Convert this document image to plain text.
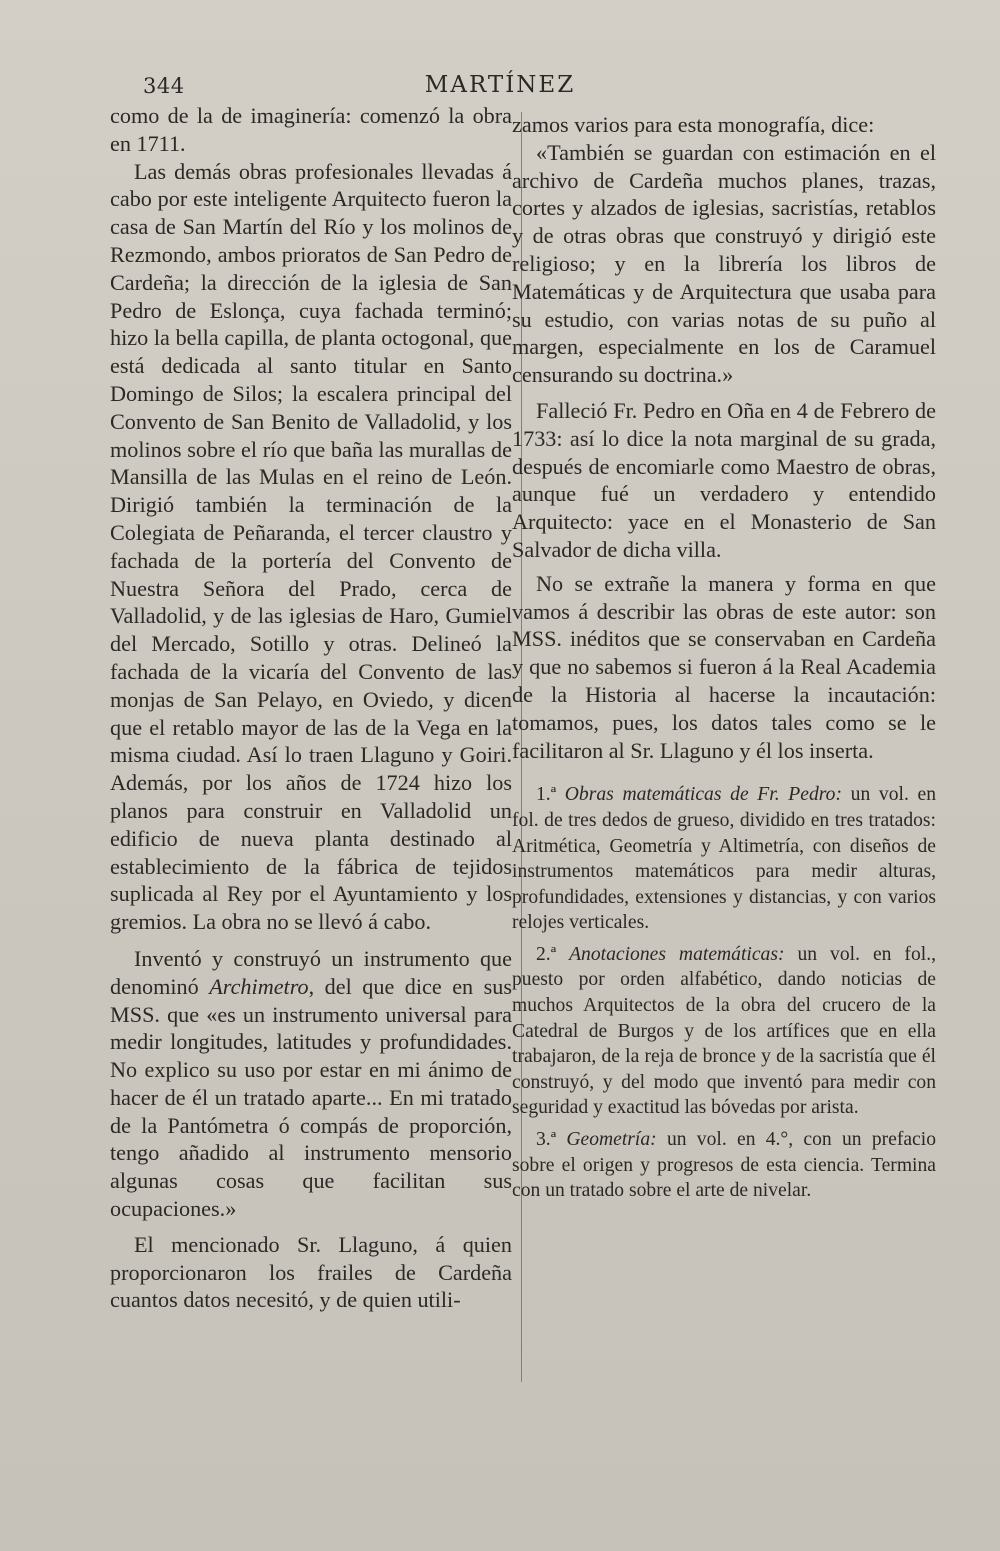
344	MARTÍNEZ

como de la de imaginería: comenzó la obra en 1711.

Las demás obras profesionales llevadas á cabo por este inteligente Arquitecto fueron la casa de San Martín del Río y los molinos de Rezmondo, ambos prioratos de San Pedro de Cardeña; la dirección de la iglesia de San Pedro de Eslonça, cuya fachada terminó; hizo la bella capilla, de planta octogonal, que está dedicada al santo titular en Santo Domingo de Silos; la escalera principal del Convento de San Benito de Valladolid, y los molinos sobre el río que baña las murallas de Mansilla de las Mulas en el reino de León. Dirigió también la terminación de la Colegiata de Peñaranda, el tercer claustro y fachada de la portería del Convento de Nuestra Señora del Prado, cerca de Valladolid, y de las iglesias de Haro, Gumiel del Mercado, Sotillo y otras. Delineó la fachada de la vicaría del Convento de las monjas de San Pelayo, en Oviedo, y dicen que el retablo mayor de las de la Vega en la misma ciudad. Así lo traen Llaguno y Goiri. Además, por los años de 1724 hizo los planos para construir en Valladolid un edificio de nueva planta destinado al establecimiento de la fábrica de tejidos suplicada al Rey por el Ayuntamiento y los gremios. La obra no se llevó á cabo.

Inventó y construyó un instrumento que denominó Archimetro, del que dice en sus MSS. que «es un instrumento universal para medir longitudes, latitudes y profundidades. No explico su uso por estar en mi ánimo de hacer de él un tratado aparte... En mi tratado de la Pantómetra ó compás de proporción, tengo añadido al instrumento mensorio algunas cosas que facilitan sus ocupaciones.»

El mencionado Sr. Llaguno, á quien proporcionaron los frailes de Cardeña cuantos datos necesitó, y de quien utili-

zamos varios para esta monografía, dice:

«También se guardan con estimación en el archivo de Cardeña muchos planes, trazas, cortes y alzados de iglesias, sacristías, retablos y de otras obras que construyó y dirigió este religioso; y en la librería los libros de Matemáticas y de Arquitectura que usaba para su estudio, con varias notas de su puño al margen, especialmente en los de Caramuel censurando su doctrina.»

Falleció Fr. Pedro en Oña en 4 de Febrero de 1733: así lo dice la nota marginal de su grada, después de encomiarle como Maestro de obras, aunque fué un verdadero y entendido Arquitecto: yace en el Monasterio de San Salvador de dicha villa.

No se extrañe la manera y forma en que vamos á describir las obras de este autor: son MSS. inéditos que se conservaban en Cardeña y que no sabemos si fueron á la Real Academia de la Historia al hacerse la incautación: tomamos, pues, los datos tales como se le facilitaron al Sr. Llaguno y él los inserta.

1.ª Obras matemáticas de Fr. Pedro: un vol. en fol. de tres dedos de grueso, dividido en tres tratados: Aritmética, Geometría y Altimetría, con diseños de instrumentos matemáticos para medir alturas, profundidades, extensiones y distancias, y con varios relojes verticales.

2.ª Anotaciones matemáticas: un vol. en fol., puesto por orden alfabético, dando noticias de muchos Arquitectos de la obra del crucero de la Catedral de Burgos y de los artífices que en ella trabajaron, de la reja de bronce y de la sacristía que él construyó, y del modo que inventó para medir con seguridad y exactitud las bóvedas por arista.

3.ª Geometría: un vol. en 4.°, con un prefacio sobre el origen y progresos de esta ciencia. Termina con un tratado sobre el arte de nivelar.
